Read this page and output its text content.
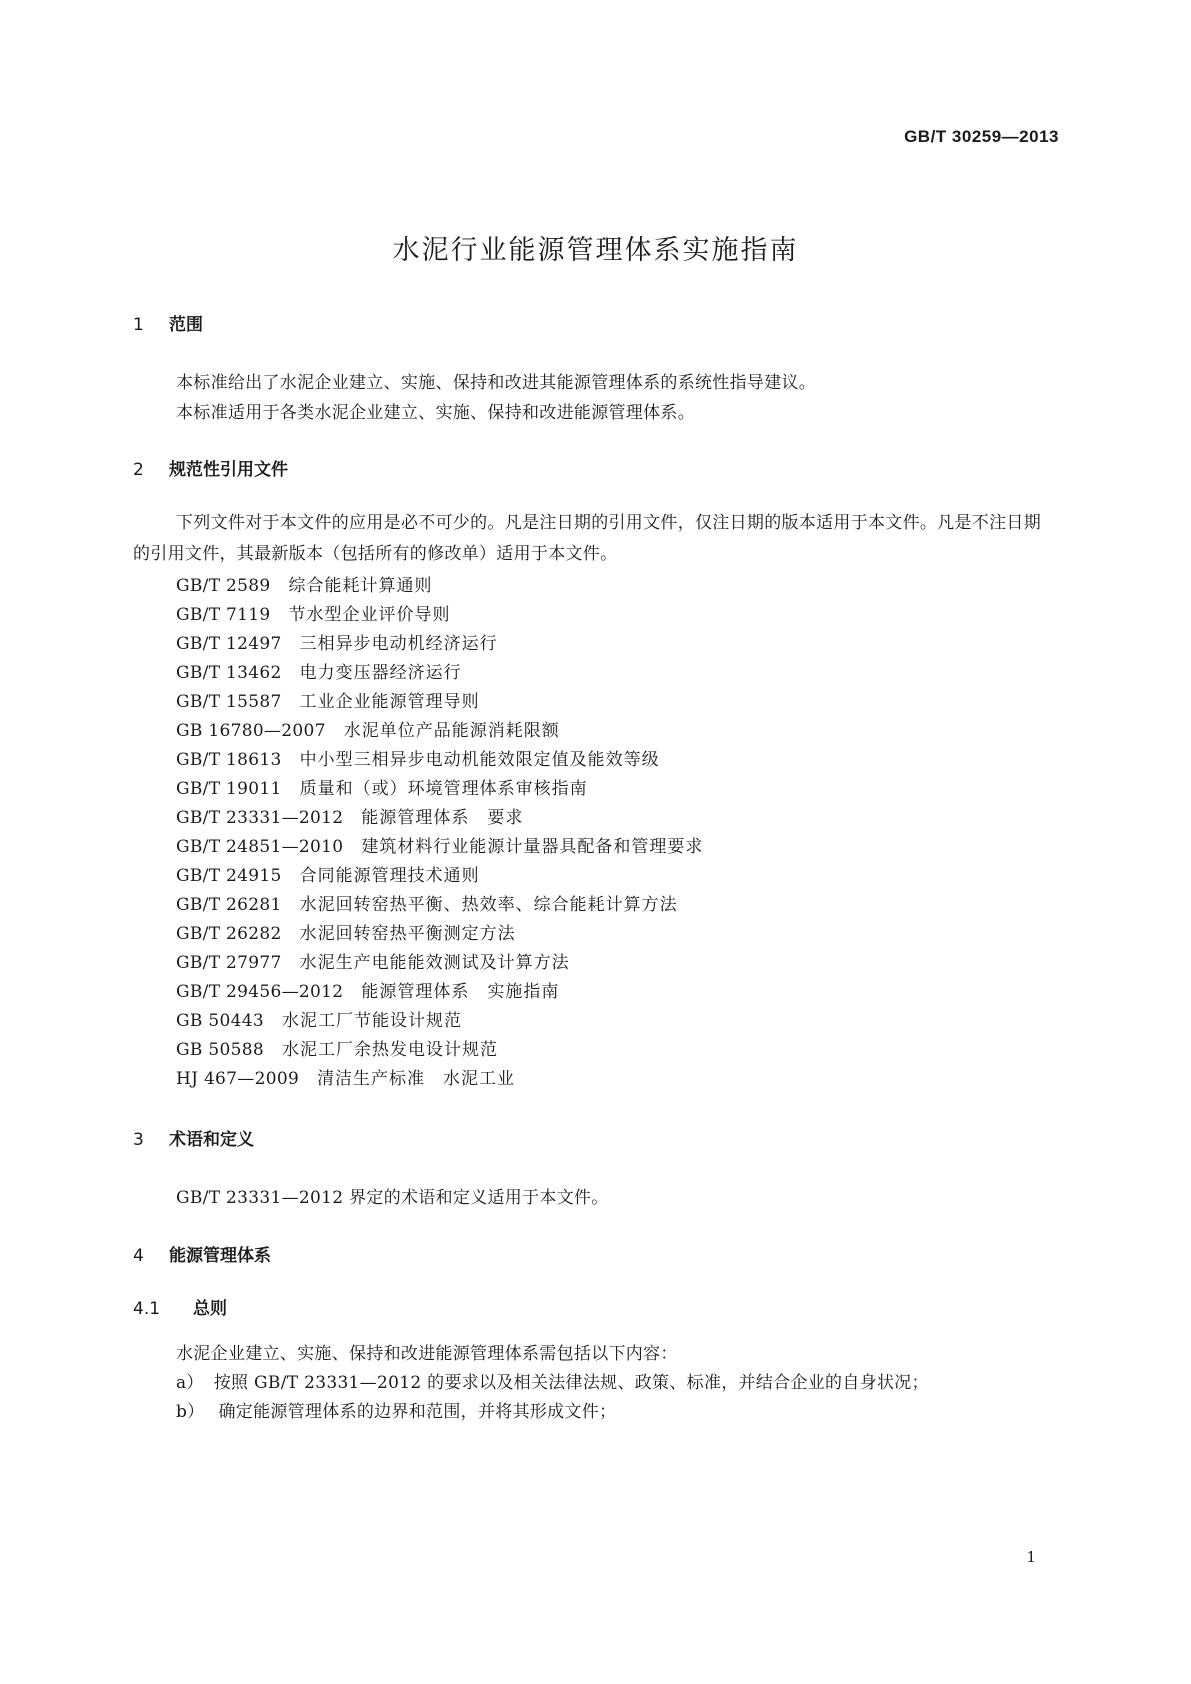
GB/T 30259—2013
水泥行业能源管理体系实施指南
1 范围
本标准给出了水泥企业建立、实施、保持和改进其能源管理体系的系统性指导建议。
本标准适用于各类水泥企业建立、实施、保持和改进能源管理体系。
2 规范性引用文件
下列文件对于本文件的应用是必不可少的。凡是注日期的引用文件，仅注日期的版本适用于本文件。凡是不注日期的引用文件，其最新版本（包括所有的修改单）适用于本文件。
GB/T 2589 综合能耗计算通则
GB/T 7119 节水型企业评价导则
GB/T 12497 三相异步电动机经济运行
GB/T 13462 电力变压器经济运行
GB/T 15587 工业企业能源管理导则
GB 16780—2007 水泥单位产品能源消耗限额
GB/T 18613 中小型三相异步电动机能效限定值及能效等级
GB/T 19011 质量和（或）环境管理体系审核指南
GB/T 23331—2012 能源管理体系　要求
GB/T 24851—2010 建筑材料行业能源计量器具配备和管理要求
GB/T 24915 合同能源管理技术通则
GB/T 26281 水泥回转窑热平衡、热效率、综合能耗计算方法
GB/T 26282 水泥回转窑热平衡测定方法
GB/T 27977 水泥生产电能能效测试及计算方法
GB/T 29456—2012 能源管理体系　实施指南
GB 50443 水泥工厂节能设计规范
GB 50588 水泥工厂余热发电设计规范
HJ 467—2009 清洁生产标准　水泥工业
3 术语和定义
GB/T 23331—2012 界定的术语和定义适用于本文件。
4 能源管理体系
4.1 总则
水泥企业建立、实施、保持和改进能源管理体系需包括以下内容：
a） 按照 GB/T 23331—2012 的要求以及相关法律法规、政策、标准，并结合企业的自身状况；
b） 确定能源管理体系的边界和范围，并将其形成文件；
1
